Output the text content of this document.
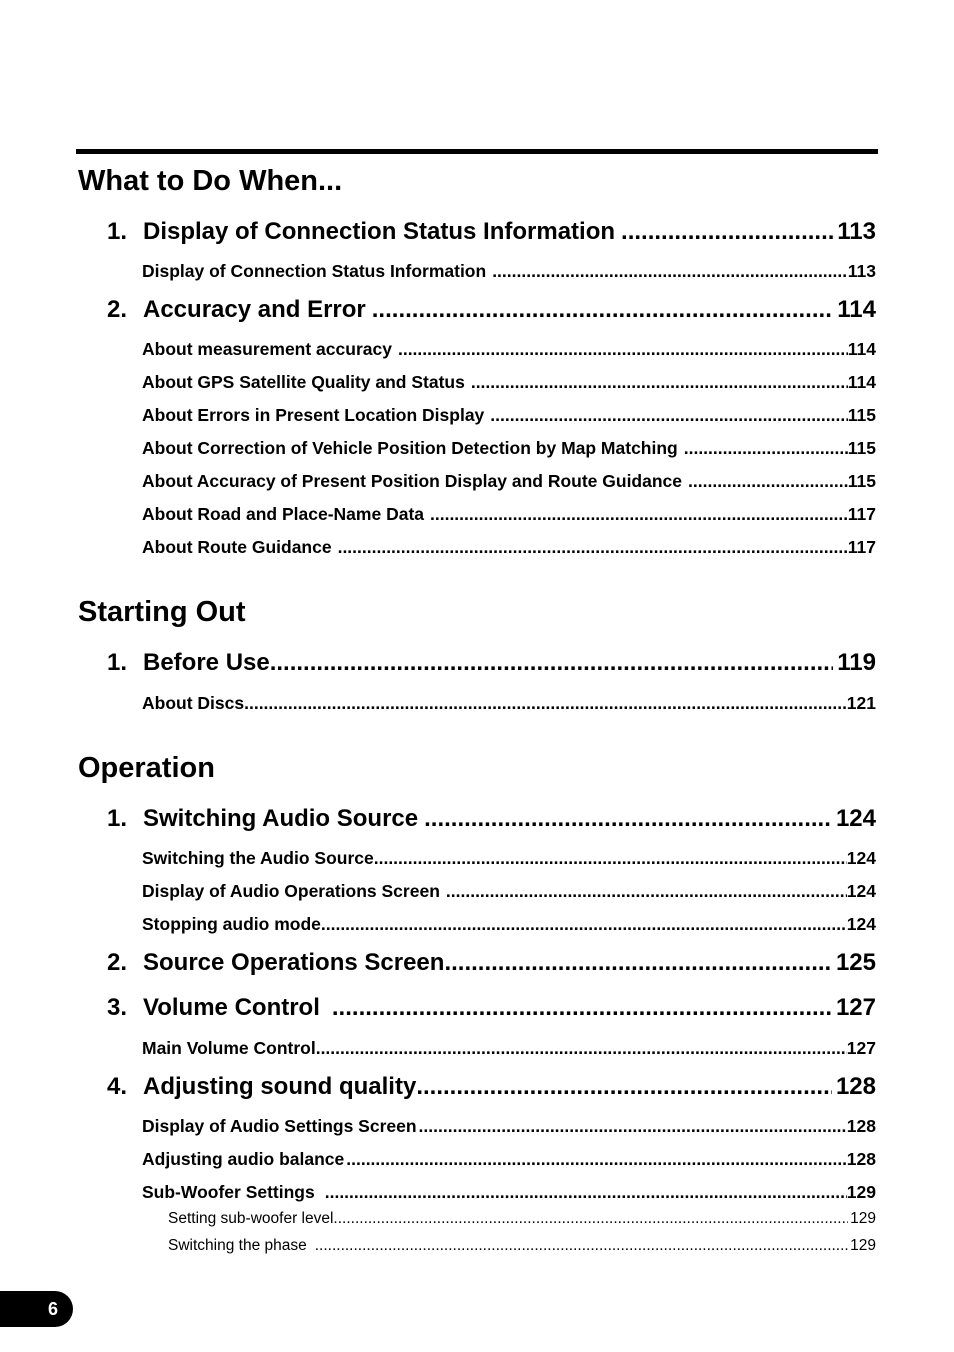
What to Do When...
1. Display of Connection Status Information .....	113
Display of Connection Status Information .....	113
2. Accuracy and Error .....	114
About measurement accuracy .....	114
About GPS Satellite Quality and Status .....	114
About Errors in Present Location Display .....	115
About Correction of Vehicle Position Detection by Map Matching .....	115
About Accuracy of Present Position Display and Route Guidance .....	115
About Road and Place-Name Data .....	117
About Route Guidance .....	117
Starting Out
1. Before Use .....	119
About Discs .....	121
Operation
1. Switching Audio Source .....	124
Switching the Audio Source .....	124
Display of Audio Operations Screen .....	124
Stopping audio mode .....	124
2. Source Operations Screen .....	125
3. Volume Control .....	127
Main Volume Control .....	127
4. Adjusting sound quality .....	128
Display of Audio Settings Screen .....	128
Adjusting audio balance .....	128
Sub-Woofer Settings .....	129
Setting sub-woofer level .....	129
Switching the phase .....	129
6
